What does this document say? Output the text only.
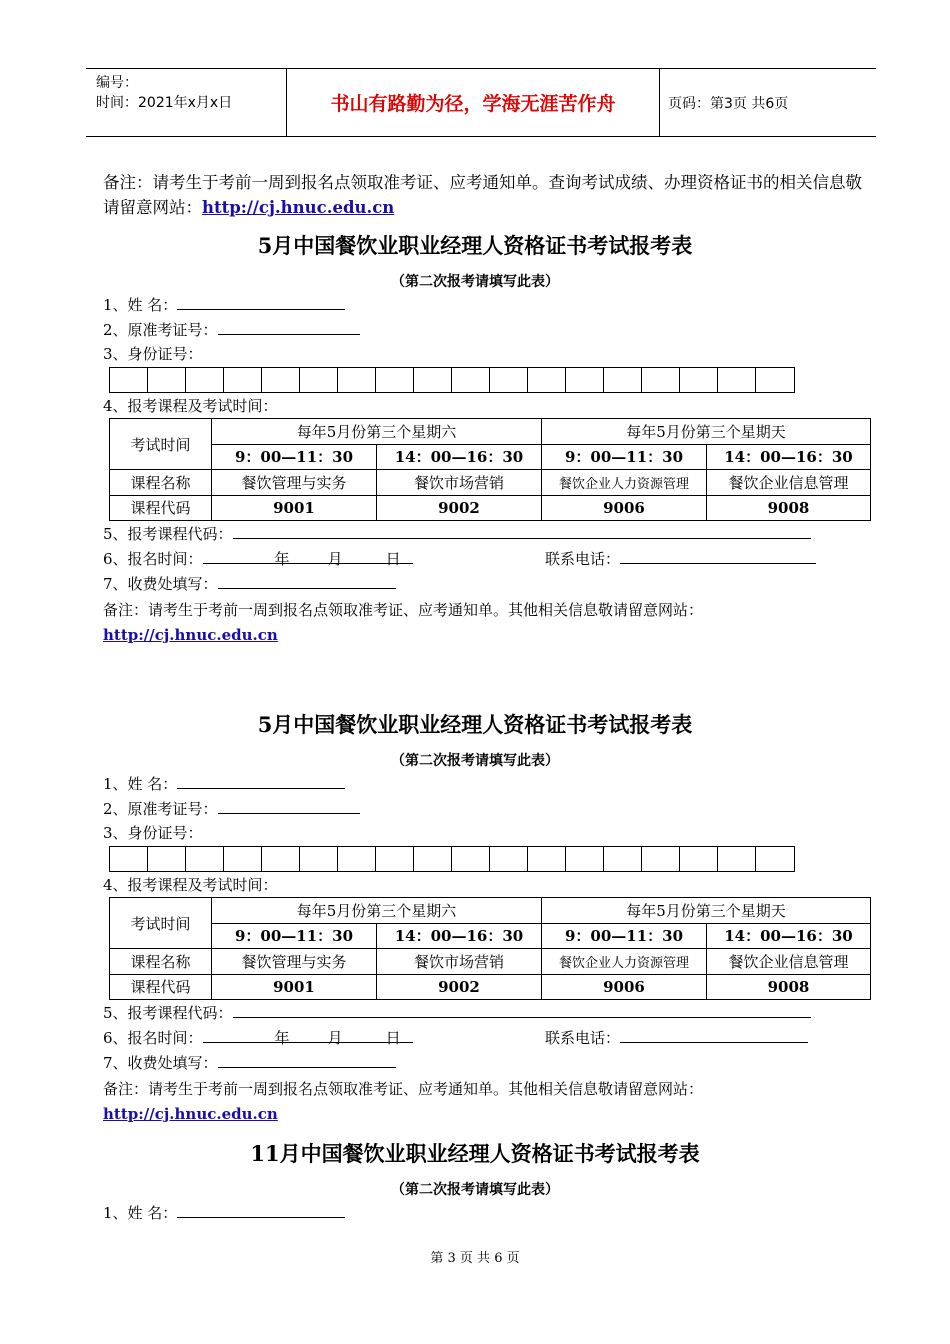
编号：
时间：2021年x月x日	书山有路勤为径，学海无涯苦作舟	页码：第3页 共6页
备注：请考生于考前一周到报名点领取准考证、应考通知单。查询考试成绩、办理资格证书的相关信息敬请留意网站：http://cj.hnuc.edu.cn
5月中国餐饮业职业经理人资格证书考试报考表
（第二次报考请填写此表）
1、姓 名：
2、原准考证号：
3、身份证号：
4、报考课程及考试时间：
考试时间	每年5月份第三个星期六		每年5月份第三个星期天	
	9：00—11：30	14：00—16：30	9：00—11：30	14：00—16：30
课程名称	餐饮管理与实务	餐饮市场营销	餐饮企业人力资源管理	餐饮企业信息管理
课程代码	9001	9002	9006	9008
5、报考课程代码：
6、报名时间：	年        月         日	联系电话：
7、收费处填写：
备注：请考生于考前一周到报名点领取准考证、应考通知单。其他相关信息敬请留意网站：http://cj.hnuc.edu.cn
5月中国餐饮业职业经理人资格证书考试报考表
（第二次报考请填写此表）
1、姓 名：
2、原准考证号：
3、身份证号：
4、报考课程及考试时间：
考试时间	每年5月份第三个星期六		每年5月份第三个星期天	
	9：00—11：30	14：00—16：30	9：00—11：30	14：00—16：30
课程名称	餐饮管理与实务	餐饮市场营销	餐饮企业人力资源管理	餐饮企业信息管理
课程代码	9001	9002	9006	9008
5、报考课程代码：
6、报名时间：	年        月         日	联系电话：
7、收费处填写：
备注：请考生于考前一周到报名点领取准考证、应考通知单。其他相关信息敬请留意网站：http://cj.hnuc.edu.cn
11月中国餐饮业职业经理人资格证书考试报考表
（第二次报考请填写此表）
1、姓 名：
第 3 页 共 6 页
